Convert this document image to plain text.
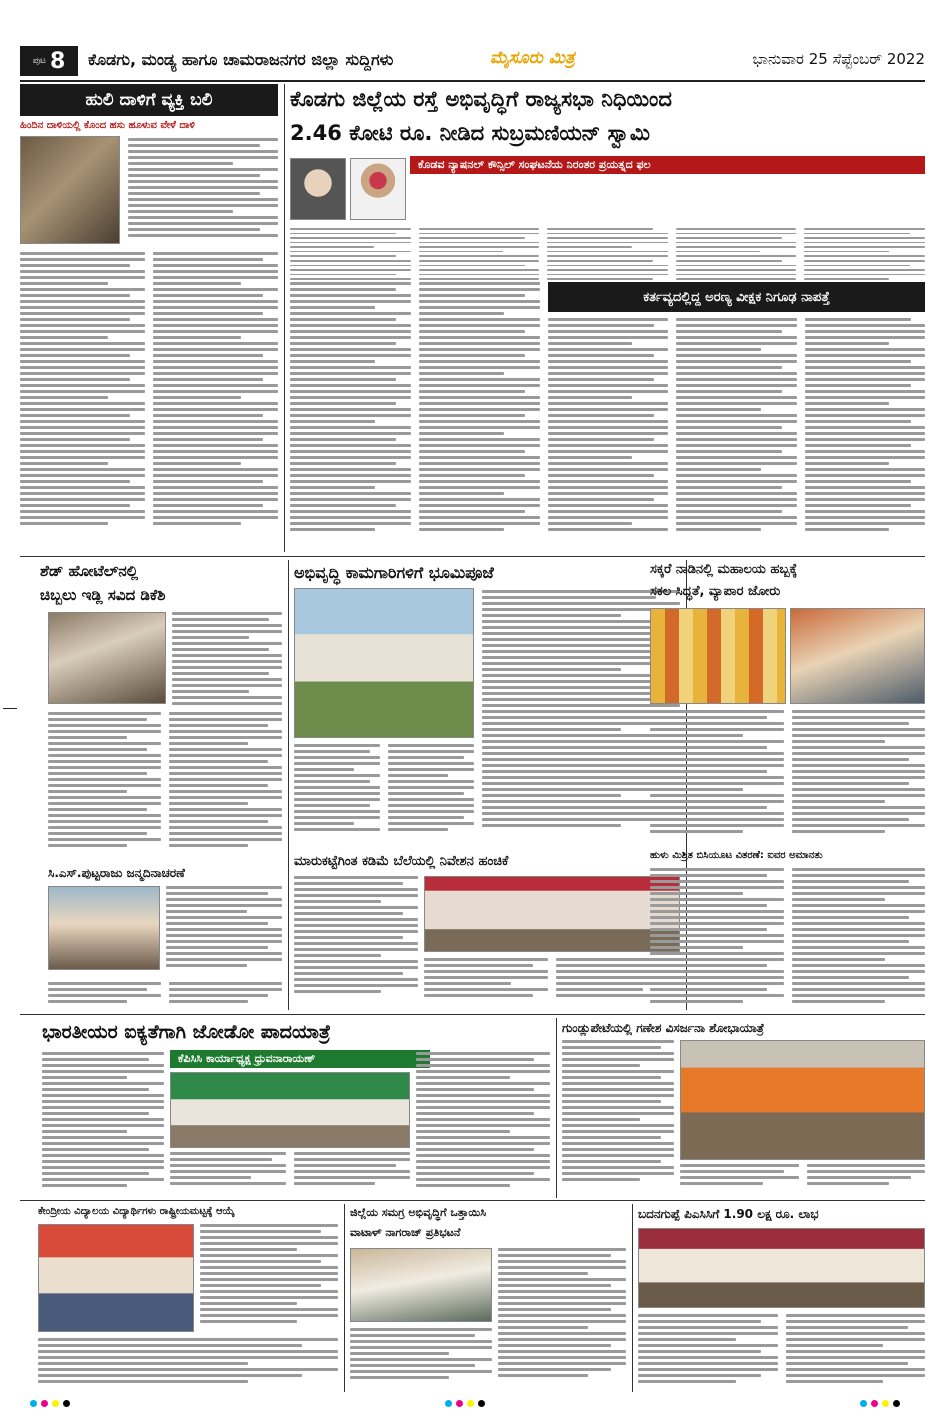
ಪುಟ 8 ಕೊಡಗು, ಮಂಡ್ಯ ಹಾಗೂ ಚಾಮರಾಜನಗರ ಜಿಲ್ಲಾ ಸುದ್ದಿಗಳು	ಮೈಸೂರು ಮಿತ್ರ	ಭಾನುವಾರ 25 ಸೆಪ್ಟೆಂಬರ್ 2022
ಹುಲಿ ದಾಳಿಗೆ ವ್ಯಕ್ತಿ ಬಲಿ
ಹಿಂದಿನ ದಾಳಿಯಲ್ಲಿ ಕೊಂದ ಹಸು ಹೂಳುವ ವೇಳೆ ದಾಳಿ
ಕೊಡಗು ಜಿಲ್ಲೆಯ ರಸ್ತೆ ಅಭಿವೃದ್ಧಿಗೆ ರಾಜ್ಯಸಭಾ ನಿಧಿಯಿಂದ
2.46 ಕೋಟಿ ರೂ. ನೀಡಿದ ಸುಬ್ರಮಣಿಯನ್ ಸ್ವಾಮಿ
ಕೊಡವ ನ್ಯಾಷನಲ್ ಕೌನ್ಸಿಲ್ ಸಂಘಟನೆಯ ನಿರಂತರ ಪ್ರಯತ್ನದ ಫಲ
ಕರ್ತವ್ಯದಲ್ಲಿದ್ದ ಅರಣ್ಯ ವೀಕ್ಷಕ ನಿಗೂಢ ನಾಪತ್ತೆ
ಶೆಡ್ ಹೋಟೆಲ್‌ನಲ್ಲಿ
ಚಿಬ್ಬಲು ಇಡ್ಲಿ ಸವಿದ ಡಿಕೆಶಿ
ಸಿ.ಎಸ್.ಪುಟ್ಟರಾಜು ಜನ್ಮದಿನಾಚರಣೆ
ಅಭಿವೃದ್ಧಿ ಕಾಮಗಾರಿಗಳಿಗೆ ಭೂಮಿಪೂಜೆ
ಮಾರುಕಟ್ಟೆಗಿಂತ ಕಡಿಮೆ ಬೆಲೆಯಲ್ಲಿ ನಿವೇಶನ ಹಂಚಿಕೆ
ಸಕ್ಕರೆ ನಾಡಿನಲ್ಲಿ ಮಹಾಲಯ ಹಬ್ಬಕ್ಕೆ
ಸಕಲ ಸಿದ್ಧತೆ, ವ್ಯಾಪಾರ ಜೋರು
ಹುಳು ಮಿಶ್ರಿತ ಬಿಸಿಯೂಟ ವಿತರಣೆ: ಐವರ ಅಮಾನತು
ಭಾರತೀಯರ ಐಕ್ಯತೆಗಾಗಿ ಜೋಡೋ ಪಾದಯಾತ್ರೆ
ಕೆಪಿಸಿಸಿ ಕಾರ್ಯಾಧ್ಯಕ್ಷ ಧ್ರುವನಾರಾಯಣ್
ಗುಂಡ್ಲುಪೇಟೆಯಲ್ಲಿ ಗಣೇಶ ವಿಸರ್ಜನಾ ಶೋಭಾಯಾತ್ರೆ
ಕೇಂದ್ರೀಯ ವಿದ್ಯಾಲಯ ವಿದ್ಯಾರ್ಥಿಗಳು ರಾಷ್ಟ್ರೀಯಮಟ್ಟಕ್ಕೆ ಆಯ್ಕೆ	ಜಿಲ್ಲೆಯ ಸಮಗ್ರ ಅಭಿವೃದ್ಧಿಗೆ ಒತ್ತಾಯಿಸಿ
ವಾಟಾಳ್ ನಾಗರಾಜ್ ಪ್ರತಿಭಟನೆ
ಬದನಗುಪ್ಪೆ ಪಿಎಸಿಸಿಗೆ 1.90 ಲಕ್ಷ ರೂ. ಲಾಭ
